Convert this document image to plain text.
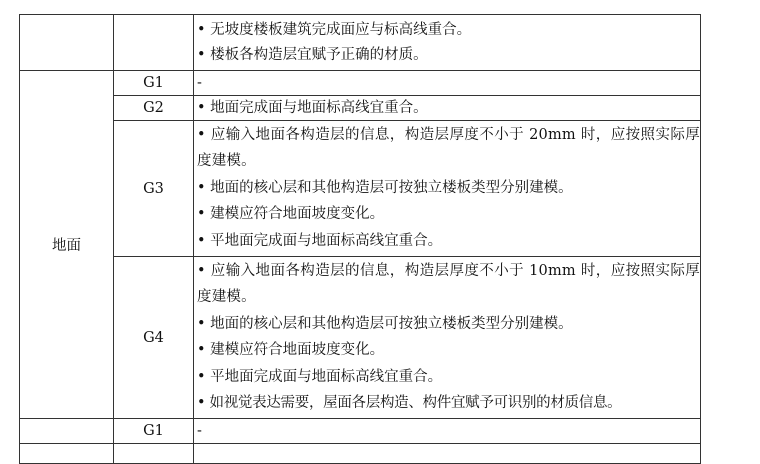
		• 无坡度楼板建筑完成面应与标高线重合。
• 楼板各构造层宜赋予正确的材质。

地面	G1	-

	G2	• 地面完成面与地面标高线宜重合。

	G3	• 应输入地面各构造层的信息，构造层厚度不小于 20mm 时，应按照实际厚度建模。
• 地面的核心层和其他构造层可按独立楼板类型分别建模。
• 建模应符合地面坡度变化。
• 平地面完成面与地面标高线宜重合。

	G4	• 应输入地面各构造层的信息，构造层厚度不小于 10mm 时，应按照实际厚度建模。
• 地面的核心层和其他构造层可按独立楼板类型分别建模。
• 建模应符合地面坡度变化。
• 平地面完成面与地面标高线宜重合。
• 如视觉表达需要，屋面各层构造、构件宜赋予可识别的材质信息。

	G1	-
